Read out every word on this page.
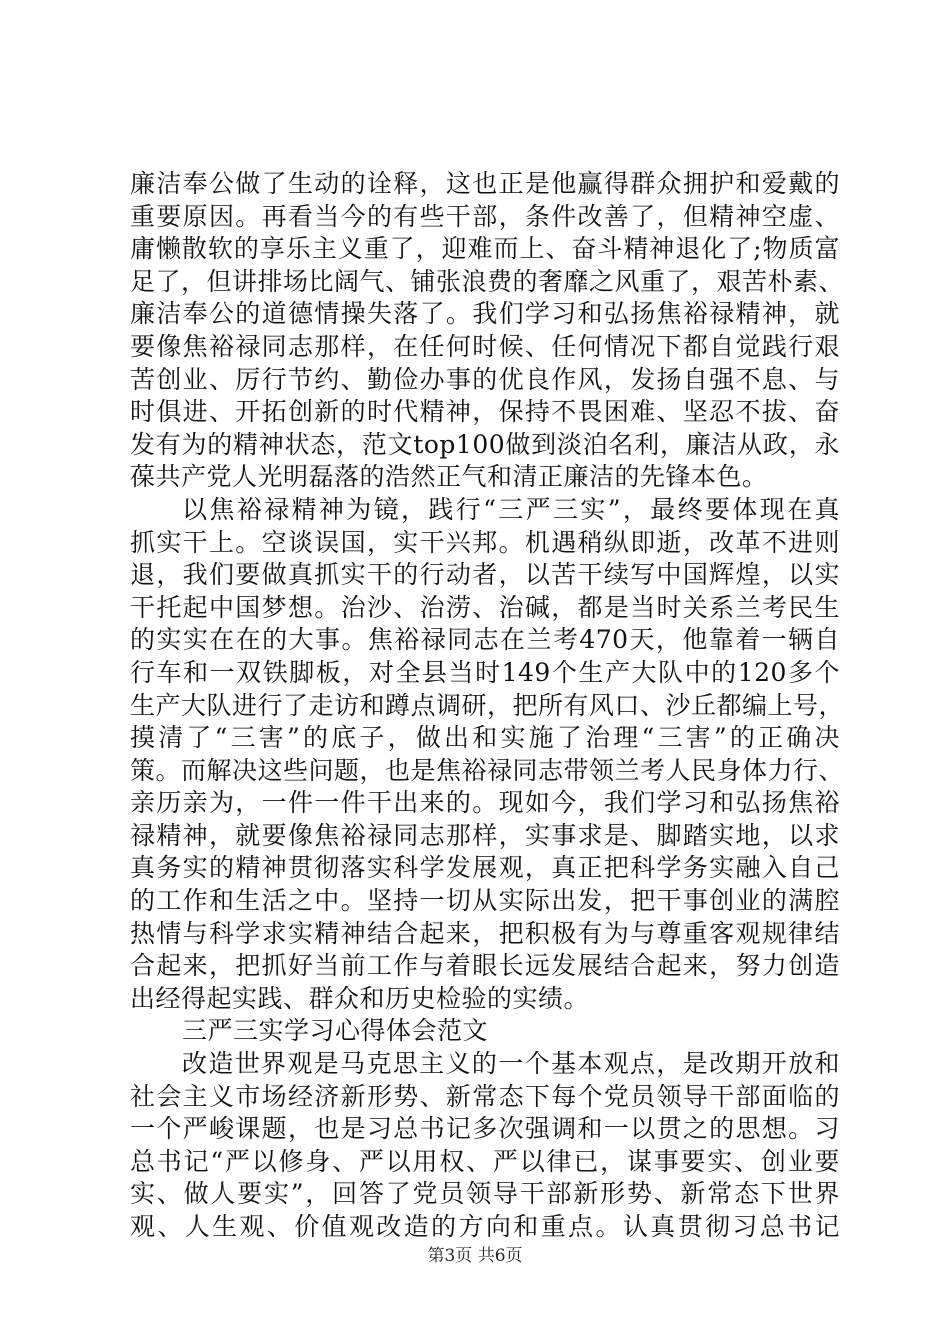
廉洁奉公做了生动的诠释，这也正是他赢得群众拥护和爱戴的
重要原因。再看当今的有些干部，条件改善了，但精神空虚、
庸懒散软的享乐主义重了，迎难而上、奋斗精神退化了;物质富
足了，但讲排场比阔气、铺张浪费的奢靡之风重了，艰苦朴素、
廉洁奉公的道德情操失落了。我们学习和弘扬焦裕禄精神，就
要像焦裕禄同志那样，在任何时候、任何情况下都自觉践行艰
苦创业、厉行节约、勤俭办事的优良作风，发扬自强不息、与
时俱进、开拓创新的时代精神，保持不畏困难、坚忍不拔、奋
发有为的精神状态，范文top100做到淡泊名利，廉洁从政，永
葆共产党人光明磊落的浩然正气和清正廉洁的先锋本色。
以焦裕禄精神为镜，践行“三严三实”，最终要体现在真
抓实干上。空谈误国，实干兴邦。机遇稍纵即逝，改革不进则
退，我们要做真抓实干的行动者，以苦干续写中国辉煌，以实
干托起中国梦想。治沙、治涝、治碱，都是当时关系兰考民生
的实实在在的大事。焦裕禄同志在兰考470天，他靠着一辆自
行车和一双铁脚板，对全县当时149个生产大队中的120多个
生产大队进行了走访和蹲点调研，把所有风口、沙丘都编上号，
摸清了“三害”的底子，做出和实施了治理“三害”的正确决
策。而解决这些问题，也是焦裕禄同志带领兰考人民身体力行、
亲历亲为，一件一件干出来的。现如今，我们学习和弘扬焦裕
禄精神，就要像焦裕禄同志那样，实事求是、脚踏实地，以求
真务实的精神贯彻落实科学发展观，真正把科学务实融入自己
的工作和生活之中。坚持一切从实际出发，把干事创业的满腔
热情与科学求实精神结合起来，把积极有为与尊重客观规律结
合起来，把抓好当前工作与着眼长远发展结合起来，努力创造
出经得起实践、群众和历史检验的实绩。
三严三实学习心得体会范文
改造世界观是马克思主义的一个基本观点，是改期开放和
社会主义市场经济新形势、新常态下每个党员领导干部面临的
一个严峻课题，也是习总书记多次强调和一以贯之的思想。习
总书记“严以修身、严以用权、严以律已，谋事要实、创业要
实、做人要实”，回答了党员领导干部新形势、新常态下世界
观、人生观、价值观改造的方向和重点。认真贯彻习总书记
第3页 共6页
